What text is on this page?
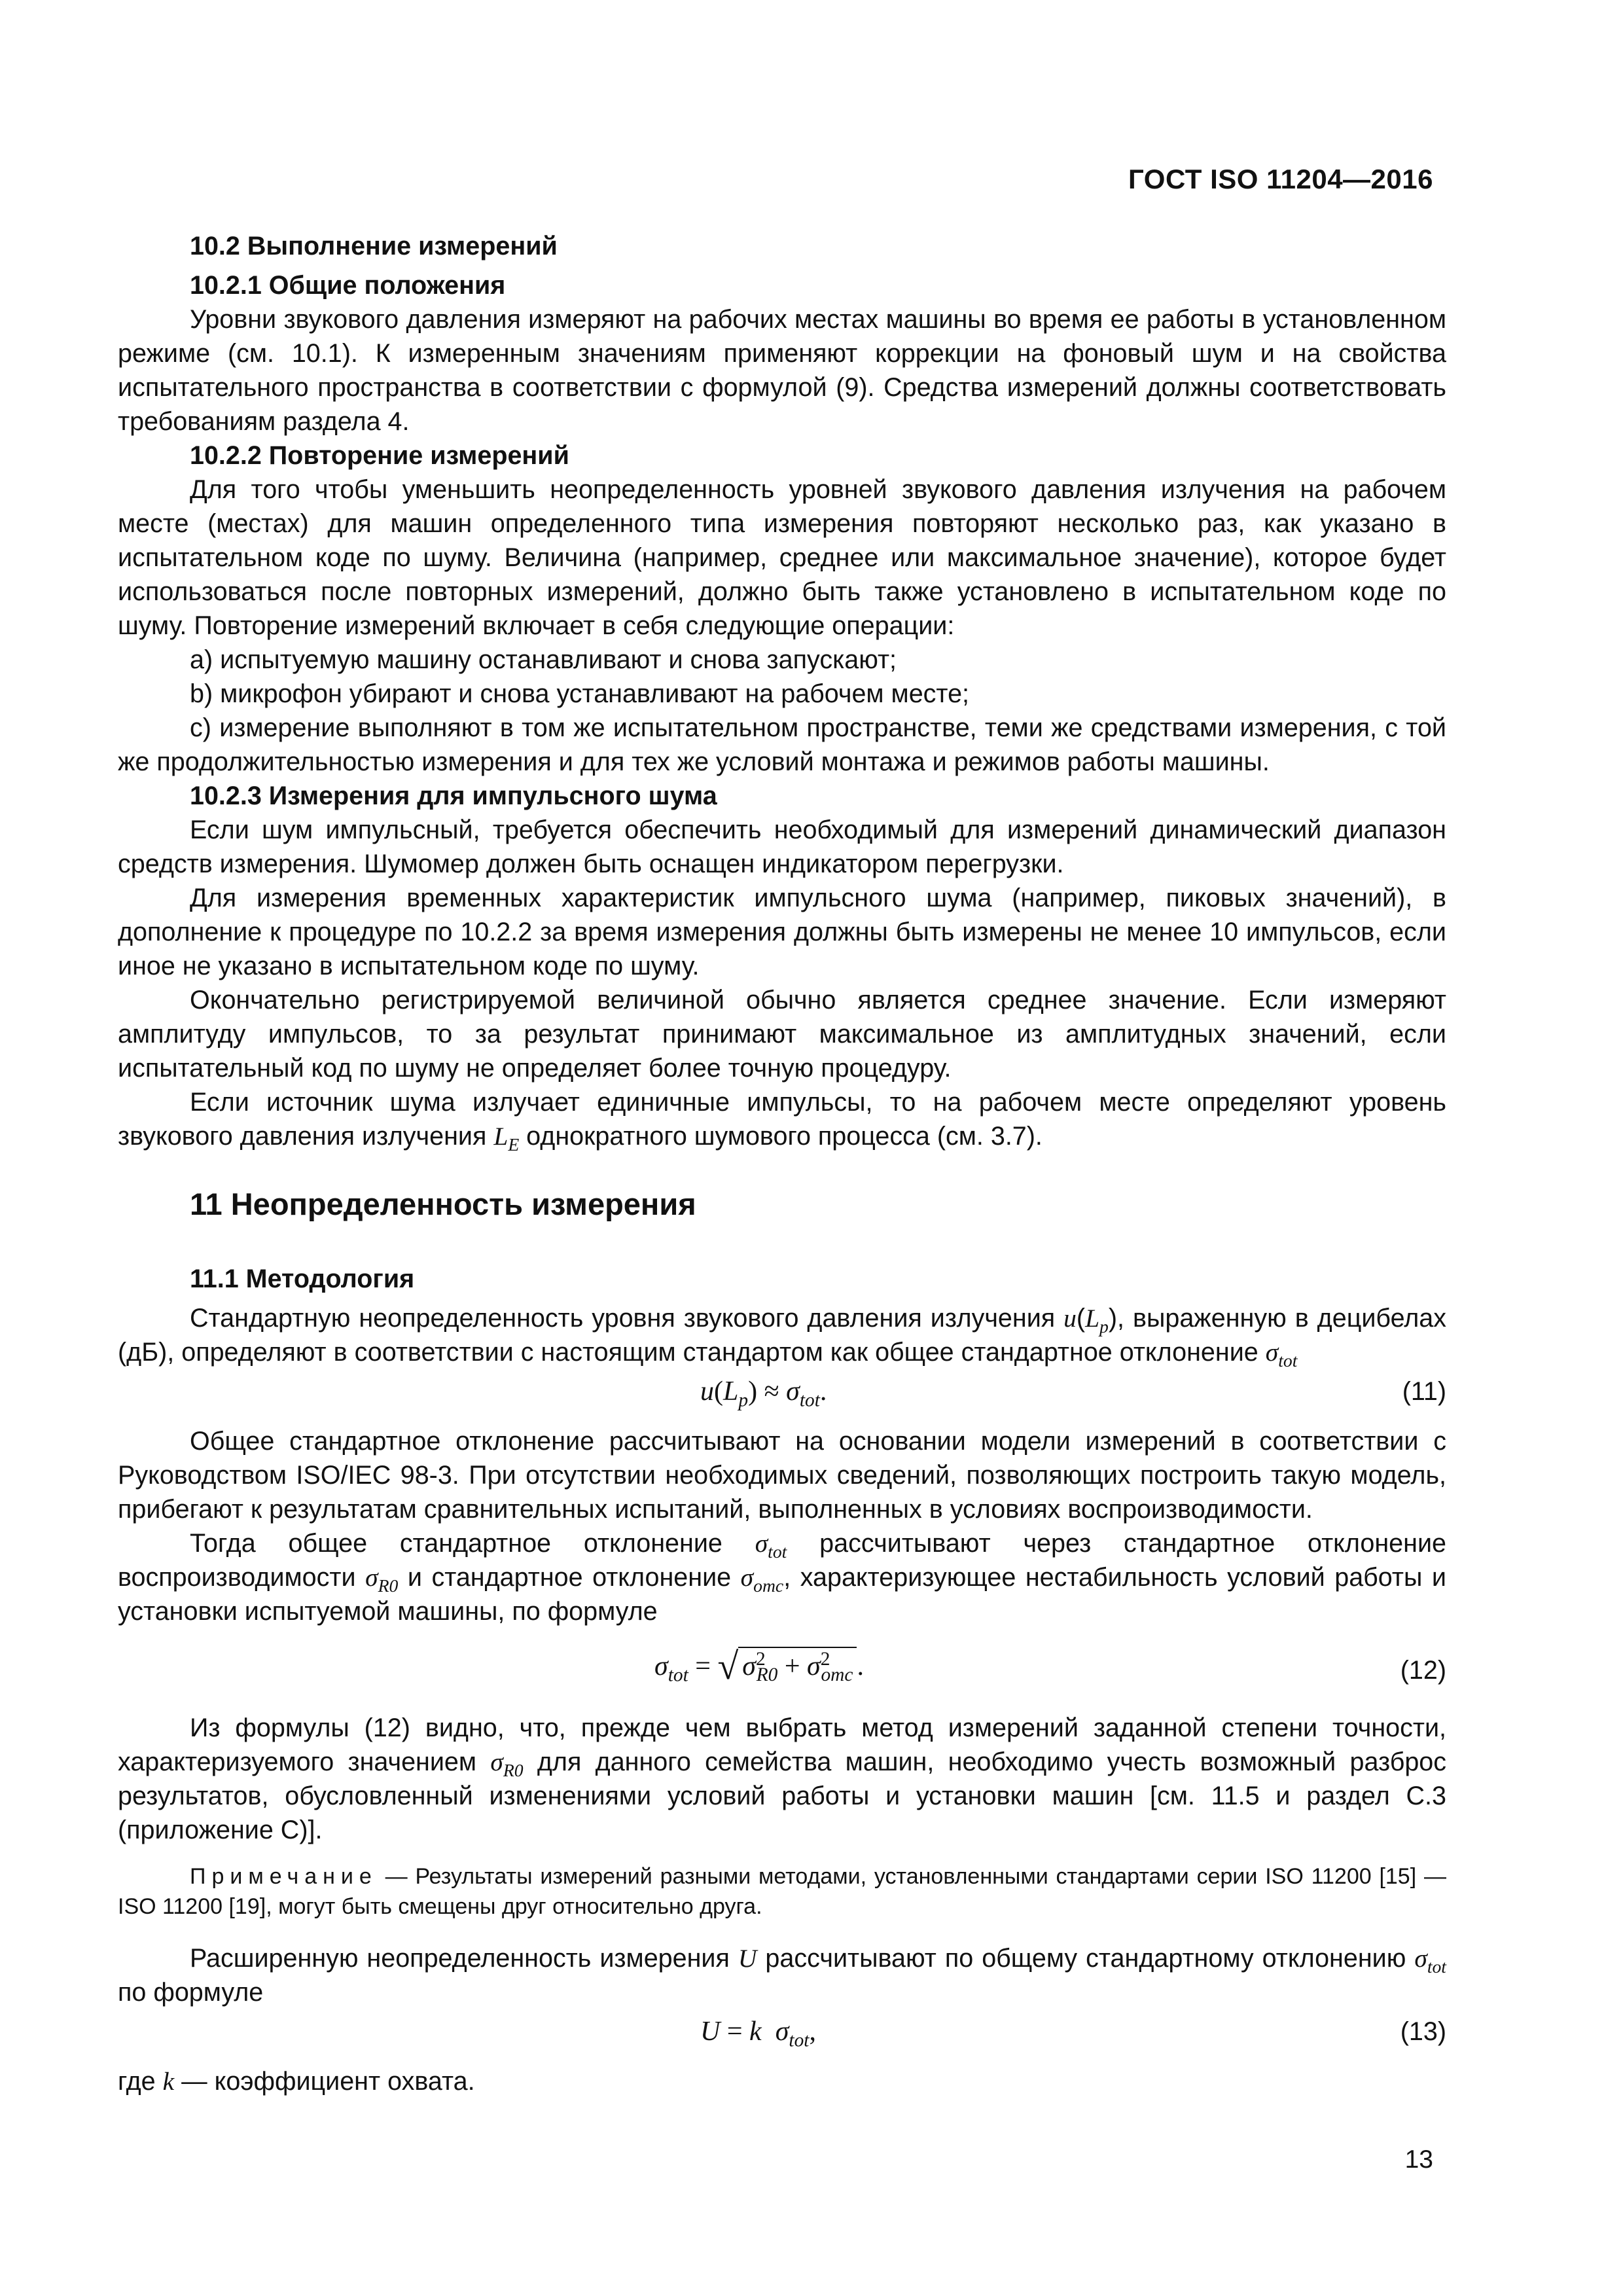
ГОСТ ISO 11204—2016
10.2 Выполнение измерений
10.2.1 Общие положения

Уровни звукового давления измеряют на рабочих местах машины во время ее работы в установленном режиме (см. 10.1). К измеренным значениям применяют коррекции на фоновый шум и на свойства испытательного пространства в соответствии с формулой (9). Средства измерений должны соответствовать требованиям раздела 4.

10.2.2 Повторение измерений

Для того чтобы уменьшить неопределенность уровней звукового давления излучения на рабочем месте (местах) для машин определенного типа измерения повторяют несколько раз, как указано в испытательном коде по шуму. Величина (например, среднее или максимальное значение), которое будет использоваться после повторных измерений, должно быть также установлено в испытательном коде по шуму. Повторение измерений включает в себя следующие операции:

a) испытуемую машину останавливают и снова запускают;

b) микрофон убирают и снова устанавливают на рабочем месте;

c) измерение выполняют в том же испытательном пространстве, теми же средствами измерения, с той же продолжительностью измерения и для тех же условий монтажа и режимов работы машины.

10.2.3 Измерения для импульсного шума

Если шум импульсный, требуется обеспечить необходимый для измерений динамический диапазон средств измерения. Шумомер должен быть оснащен индикатором перегрузки.

Для измерения временных характеристик импульсного шума (например, пиковых значений), в дополнение к процедуре по 10.2.2 за время измерения должны быть измерены не менее 10 импульсов, если иное не указано в испытательном коде по шуму.

Окончательно регистрируемой величиной обычно является среднее значение. Если измеряют амплитуду импульсов, то за результат принимают максимальное из амплитудных значений, если испытательный код по шуму не определяет более точную процедуру.

Если источник шума излучает единичные импульсы, то на рабочем месте определяют уровень звукового давления излучения $L_E$ однократного шумового процесса (см. 3.7).

11 Неопределенность измерения
11.1 Методология

Стандартную неопределенность уровня звукового давления излучения $u(L_p)$, выраженную в децибелах (дБ), определяют в соответствии с настоящим стандартом как общее стандартное отклонение $\sigma_{tot}$

$u(L_p) \approx \sigma_{tot}$.	(11)

Общее стандартное отклонение рассчитывают на основании модели измерений в соответствии с Руководством ISO/IEC 98-3. При отсутствии необходимых сведений, позволяющих построить такую модель, прибегают к результатам сравнительных испытаний, выполненных в условиях воспроизводимости.

Тогда общее стандартное отклонение $\sigma_{tot}$ рассчитывают через стандартное отклонение воспроизводимости $\sigma_{R0}$ и стандартное отклонение $\sigma_{omc}$, характеризующее нестабильность условий работы и установки испытуемой машины, по формуле

$\sigma_{tot}$ = √ $\sigma^2_{R0} + \sigma^2_{omc}$ .	(12)

Из формулы (12) видно, что, прежде чем выбрать метод измерений заданной степени точности, характеризуемого значением $\sigma_{R0}$ для данного семейства машин, необходимо учесть возможный разброс результатов, обусловленный изменениями условий работы и установки машин [см. 11.5 и раздел С.3 (приложение С)].

Примечание — Результаты измерений разными методами, установленными стандартами серии ISO 11200 [15] — ISO 11200 [19], могут быть смещены друг относительно друга.

Расширенную неопределенность измерения U рассчитывают по общему стандартному отклонению $\sigma_{tot}$ по формуле

U = k $\sigma_{tot}$,	(13)

где k — коэффициент охвата.

13
